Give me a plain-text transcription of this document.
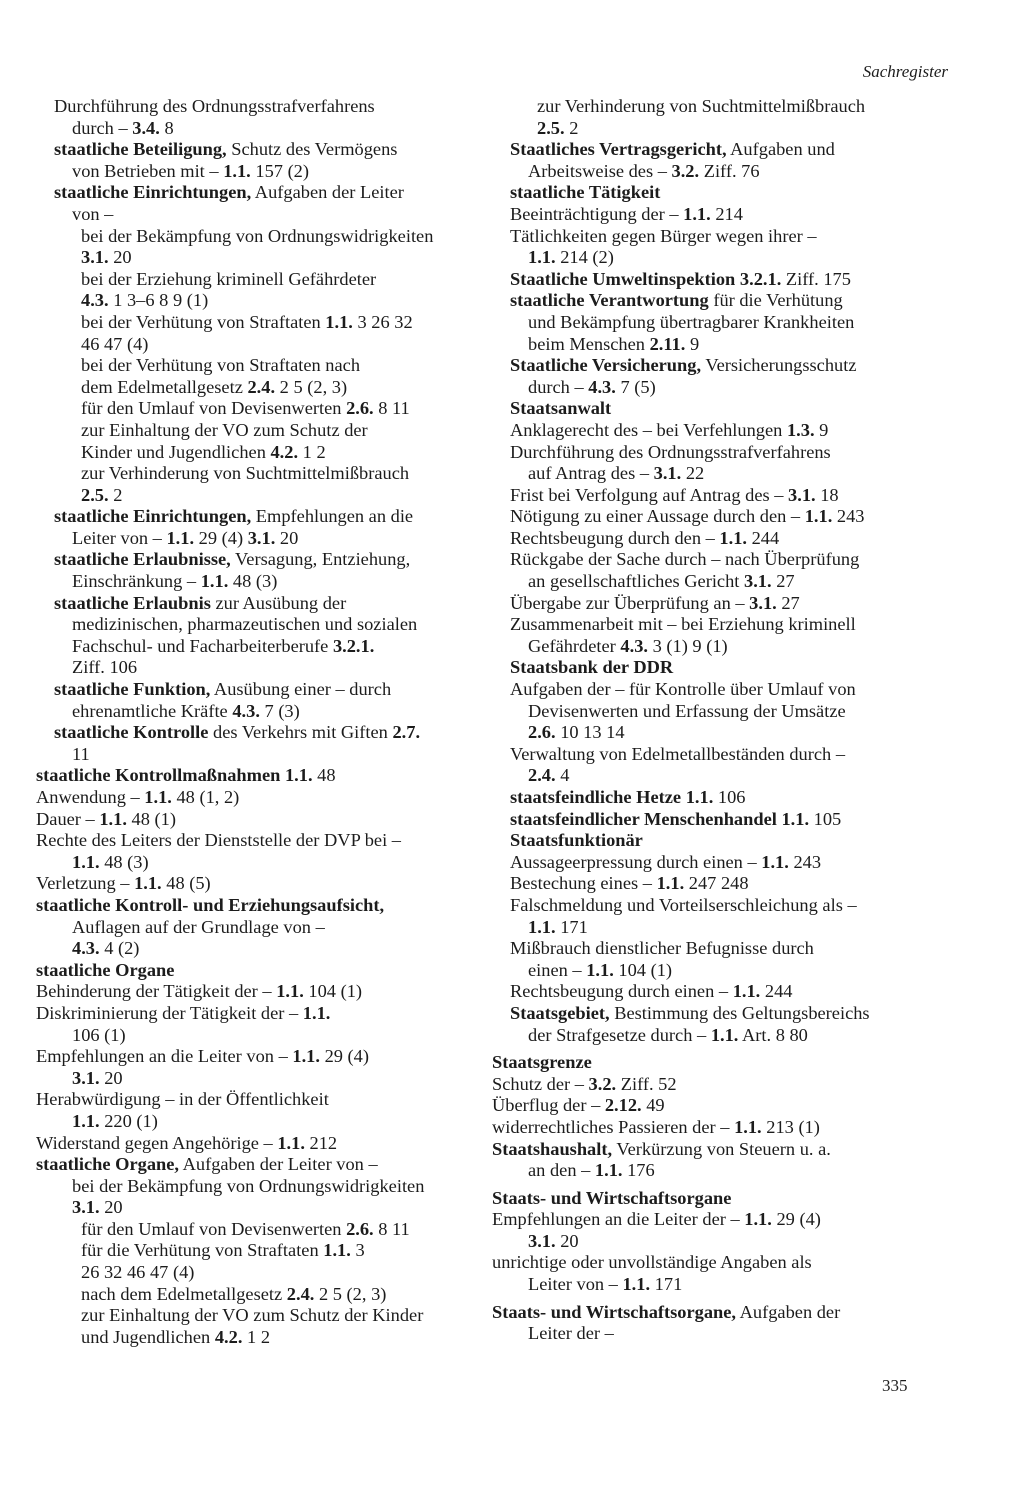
Sachregister
Durchführung des Ordnungsstrafverfahrens
durch – 3.4. 8
staatliche Beteiligung, Schutz des Vermögens
von Betrieben mit – 1.1. 157 (2)
staatliche Einrichtungen, Aufgaben der Leiter
von –
bei der Bekämpfung von Ordnungswidrigkeiten
3.1. 20
bei der Erziehung kriminell Gefährdeter
4.3. 1 3–6 8 9 (1)
bei der Verhütung von Straftaten 1.1. 3 26 32
46 47 (4)
bei der Verhütung von Straftaten nach
dem Edelmetallgesetz 2.4. 2 5 (2, 3)
für den Umlauf von Devisenwerten 2.6. 8 11
zur Einhaltung der VO zum Schutz der
Kinder und Jugendlichen 4.2. 1 2
zur Verhinderung von Suchtmittelmißbrauch
2.5. 2
staatliche Einrichtungen, Empfehlungen an die
Leiter von – 1.1. 29 (4) 3.1. 20
staatliche Erlaubnisse, Versagung, Entziehung,
Einschränkung – 1.1. 48 (3)
staatliche Erlaubnis zur Ausübung der
medizinischen, pharmazeutischen und sozialen
Fachschul- und Facharbeiterberufe 3.2.1.
Ziff. 106
staatliche Funktion, Ausübung einer – durch
ehrenamtliche Kräfte 4.3. 7 (3)
staatliche Kontrolle des Verkehrs mit Giften 2.7.
11
staatliche Kontrollmaßnahmen 1.1. 48
Anwendung – 1.1. 48 (1, 2)
Dauer – 1.1. 48 (1)
Rechte des Leiters der Dienststelle der DVP bei –
1.1. 48 (3)
Verletzung – 1.1. 48 (5)
staatliche Kontroll- und Erziehungsaufsicht,
Auflagen auf der Grundlage von –
4.3. 4 (2)
staatliche Organe
Behinderung der Tätigkeit der – 1.1. 104 (1)
Diskriminierung der Tätigkeit der – 1.1.
106 (1)
Empfehlungen an die Leiter von – 1.1. 29 (4)
3.1. 20
Herabwürdigung – in der Öffentlichkeit
1.1. 220 (1)
Widerstand gegen Angehörige – 1.1. 212
staatliche Organe, Aufgaben der Leiter von –
bei der Bekämpfung von Ordnungswidrigkeiten
3.1. 20
für den Umlauf von Devisenwerten 2.6. 8 11
für die Verhütung von Straftaten 1.1. 3
26 32 46 47 (4)
nach dem Edelmetallgesetz 2.4. 2 5 (2, 3)
zur Einhaltung der VO zum Schutz der Kinder
und Jugendlichen 4.2. 1 2
zur Verhinderung von Suchtmittelmißbrauch
2.5. 2
Staatliches Vertragsgericht, Aufgaben und
Arbeitsweise des – 3.2. Ziff. 76
staatliche Tätigkeit
Beeinträchtigung der – 1.1. 214
Tätlichkeiten gegen Bürger wegen ihrer –
1.1. 214 (2)
Staatliche Umweltinspektion 3.2.1. Ziff. 175
staatliche Verantwortung für die Verhütung
und Bekämpfung übertragbarer Krankheiten
beim Menschen 2.11. 9
Staatliche Versicherung, Versicherungsschutz
durch – 4.3. 7 (5)
Staatsanwalt
Anklagerecht des – bei Verfehlungen 1.3. 9
Durchführung des Ordnungsstrafverfahrens
auf Antrag des – 3.1. 22
Frist bei Verfolgung auf Antrag des – 3.1. 18
Nötigung zu einer Aussage durch den – 1.1. 243
Rechtsbeugung durch den – 1.1. 244
Rückgabe der Sache durch – nach Überprüfung
an gesellschaftliches Gericht 3.1. 27
Übergabe zur Überprüfung an – 3.1. 27
Zusammenarbeit mit – bei Erziehung kriminell
Gefährdeter 4.3. 3 (1) 9 (1)
Staatsbank der DDR
Aufgaben der – für Kontrolle über Umlauf von
Devisenwerten und Erfassung der Umsätze
2.6. 10 13 14
Verwaltung von Edelmetallbeständen durch –
2.4. 4
staatsfeindliche Hetze 1.1. 106
staatsfeindlicher Menschenhandel 1.1. 105
Staatsfunktionär
Aussageerpressung durch einen – 1.1. 243
Bestechung eines – 1.1. 247 248
Falschmeldung und Vorteilserschleichung als –
1.1. 171
Mißbrauch dienstlicher Befugnisse durch
einen – 1.1. 104 (1)
Rechtsbeugung durch einen – 1.1. 244
Staatsgebiet, Bestimmung des Geltungsbereichs
der Strafgesetze durch – 1.1. Art. 8 80
Staatsgrenze
Schutz der – 3.2. Ziff. 52
Überflug der – 2.12. 49
widerrechtliches Passieren der – 1.1. 213 (1)
Staatshaushalt, Verkürzung von Steuern u. a.
an den – 1.1. 176
Staats- und Wirtschaftsorgane
Empfehlungen an die Leiter der – 1.1. 29 (4)
3.1. 20
unrichtige oder unvollständige Angaben als
Leiter von – 1.1. 171
Staats- und Wirtschaftsorgane, Aufgaben der
Leiter der –
335
